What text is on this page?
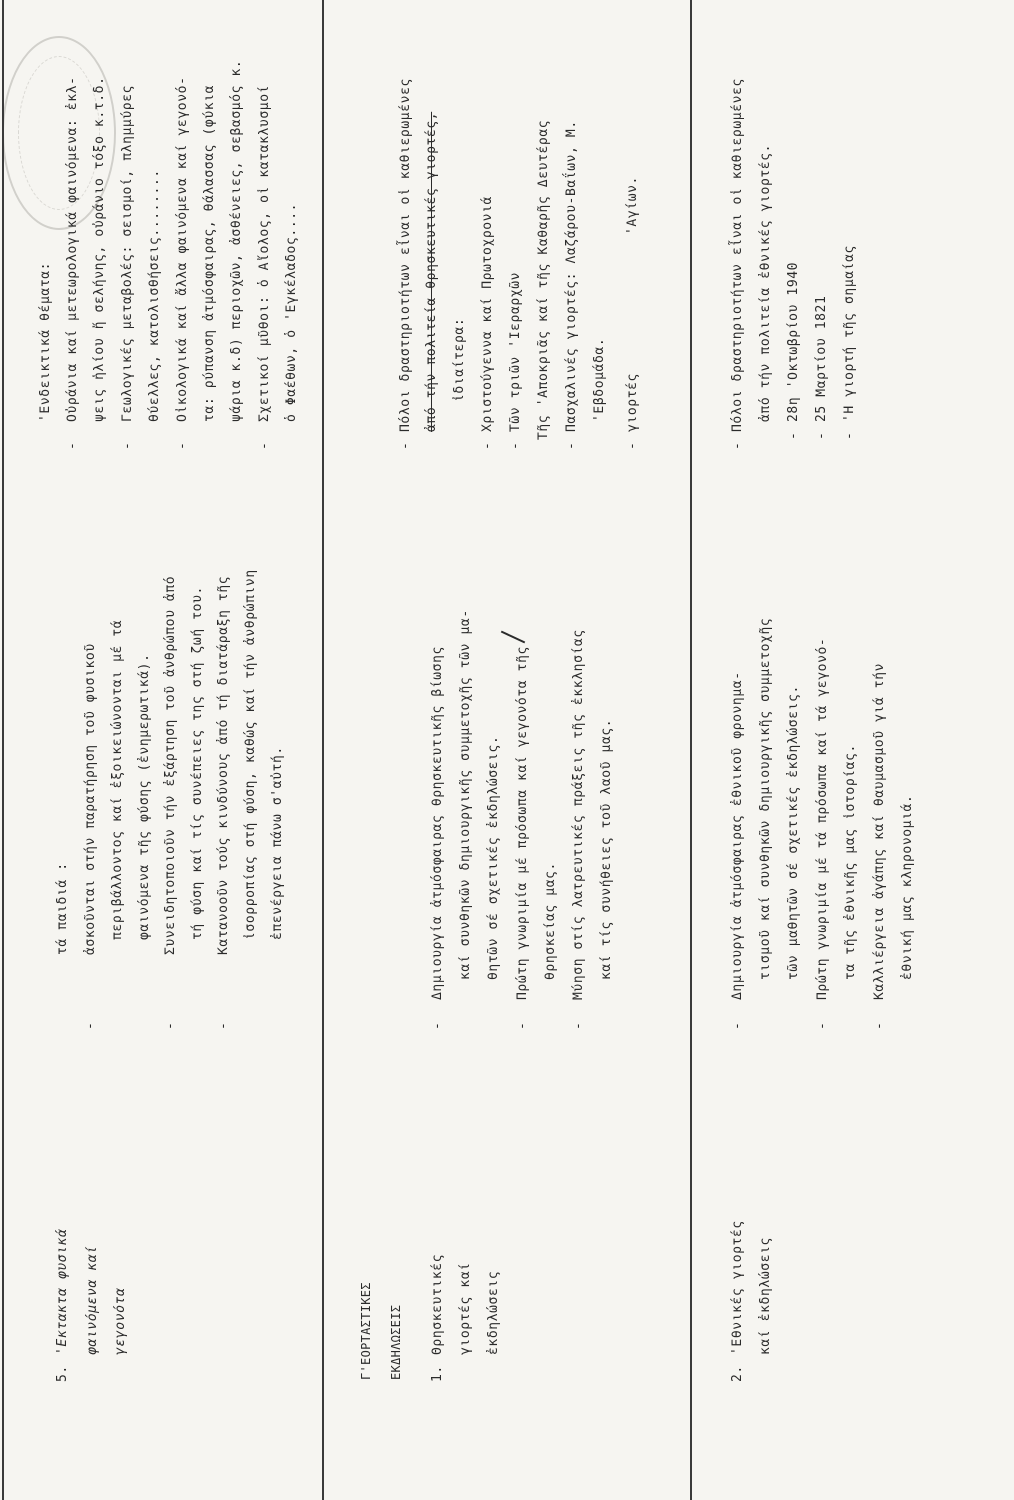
5.
'Εκτακτα φυσικά φαινόμενα καί γεγονότα
τά παιδιά :
-
ἀσκοῦνται στήν παρατήρηση τοῦ φυσικοῦ περιβάλλοντος καί ἐξοικειώνονται μέ τά φαινόμενα τῆς φύσης (ἐνημερωτικά).
-
Συνειδητοποιοῦν τήν ἐξάρτηση τοῦ ἀνθρώπου ἀπό τή φύση καί τίς συνέπειες της στή ζωή του.
-
Κατανοοῦν τούς κινδύνους ἀπό τή διατάραξη τῆς ἰσορροπίας στή φύση, καθώς καί τήν ἀνθρώπινη ἐπενέργεια πάνω σ'αὐτή.
'Ενδεικτικά θέματα:
-
Οὐράνια καί μετεωρολογικά φαινόμενα: ἐκλ- ψεις ἡλίου ἤ σελήνης, οὐράνιο τόξο κ.τ.δ.
-
Γεωλογικές μεταβολές: σεισμοί, πλημμύρες θύελλες, κατολισθήσεις........
-
Οἰκολογικά καί ἄλλα φαινόμενα καί γεγονό- τα: ρύπανση ἀτμόσφαιρας, θάλασσας (φύκια ψάρια κ.δ) περιοχῶν, ἀσθένειες, σεβασμός κ.
-
Σχετικοί μῦθοι: ὁ Αἴολος, οἱ κατακλυσμοί ὁ Φαέθων, ὁ 'Εγκέλαδος....
Γ'ΕΟΡΤΑΣΤΙΚΕΣ ΕΚΔΗΛΩΣΕΙΣ 1.
Θρησκευτικές γιορτές καί ἐκδηλώσεις
-
Δημιουργία ἀτμόσφαιρας θρησκευτικῆς βίωσης καί συνθηκῶν δημιουργικῆς συμμετοχῆς τῶν μα- θητῶν σέ σχετικές ἐκδηλώσεις.
-
Πρώτη γνωριμία μέ πρόσωπα καί γεγονότα τῆς θρησκείας μας.
-
Μύηση στίς λατρευτικές πράξεις τῆς ἐκκλησίας καί τίς συνήθειες τοῦ λαοῦ μας.
-
Πόλοι δραστηριοτήτων εἶναι οἱ καθιερωμένες ἀπό τήν πολιτεία θρησκευτικές γιορτές, ἰδιαίτερα:
-
Χριστούγεννα καί Πρωτοχρονιά
-
Τῶν τριῶν 'Ιεραρχῶν Τῆς 'Αποκριᾶς καί τῆς Καθαρῆς Δευτέρας
-
Πασχαλινές γιορτές: Λαζάρου-Βαΐων, Μ. 'Εβδομάδα.
-
γιορτές
'Αγίων.
2.
'Εθνικές γιορτές καί ἐκδηλώσεις
-
Δημιουργία ἀτμόσφαιρας ἐθνικοῦ φρονημα- τισμοῦ καί συνθηκῶν δημιουργικῆς συμμετοχῆς τῶν μαθητῶν σέ σχετικές ἐκδηλώσεις.
-
Πρώτη γνωριμία μέ τά πρόσωπα καί τά γεγονό- τα τῆς ἐθνικῆς μας ἱστορίας.
-
Καλλιέργεια ἀγάπης καί θαυμασμοῦ γιά τήν ἐθνική μας κληρονομιά.
-
Πόλοι δραστηριοτήτων εἶναι οἱ καθιερωμένες ἀπό τήν πολιτεία ἐθνικές γιορτές.
-
28η 'Οκτωβρίου 1940
-
25 Μαρτίου 1821
-
'Η γιορτή τῆς σημαίας
